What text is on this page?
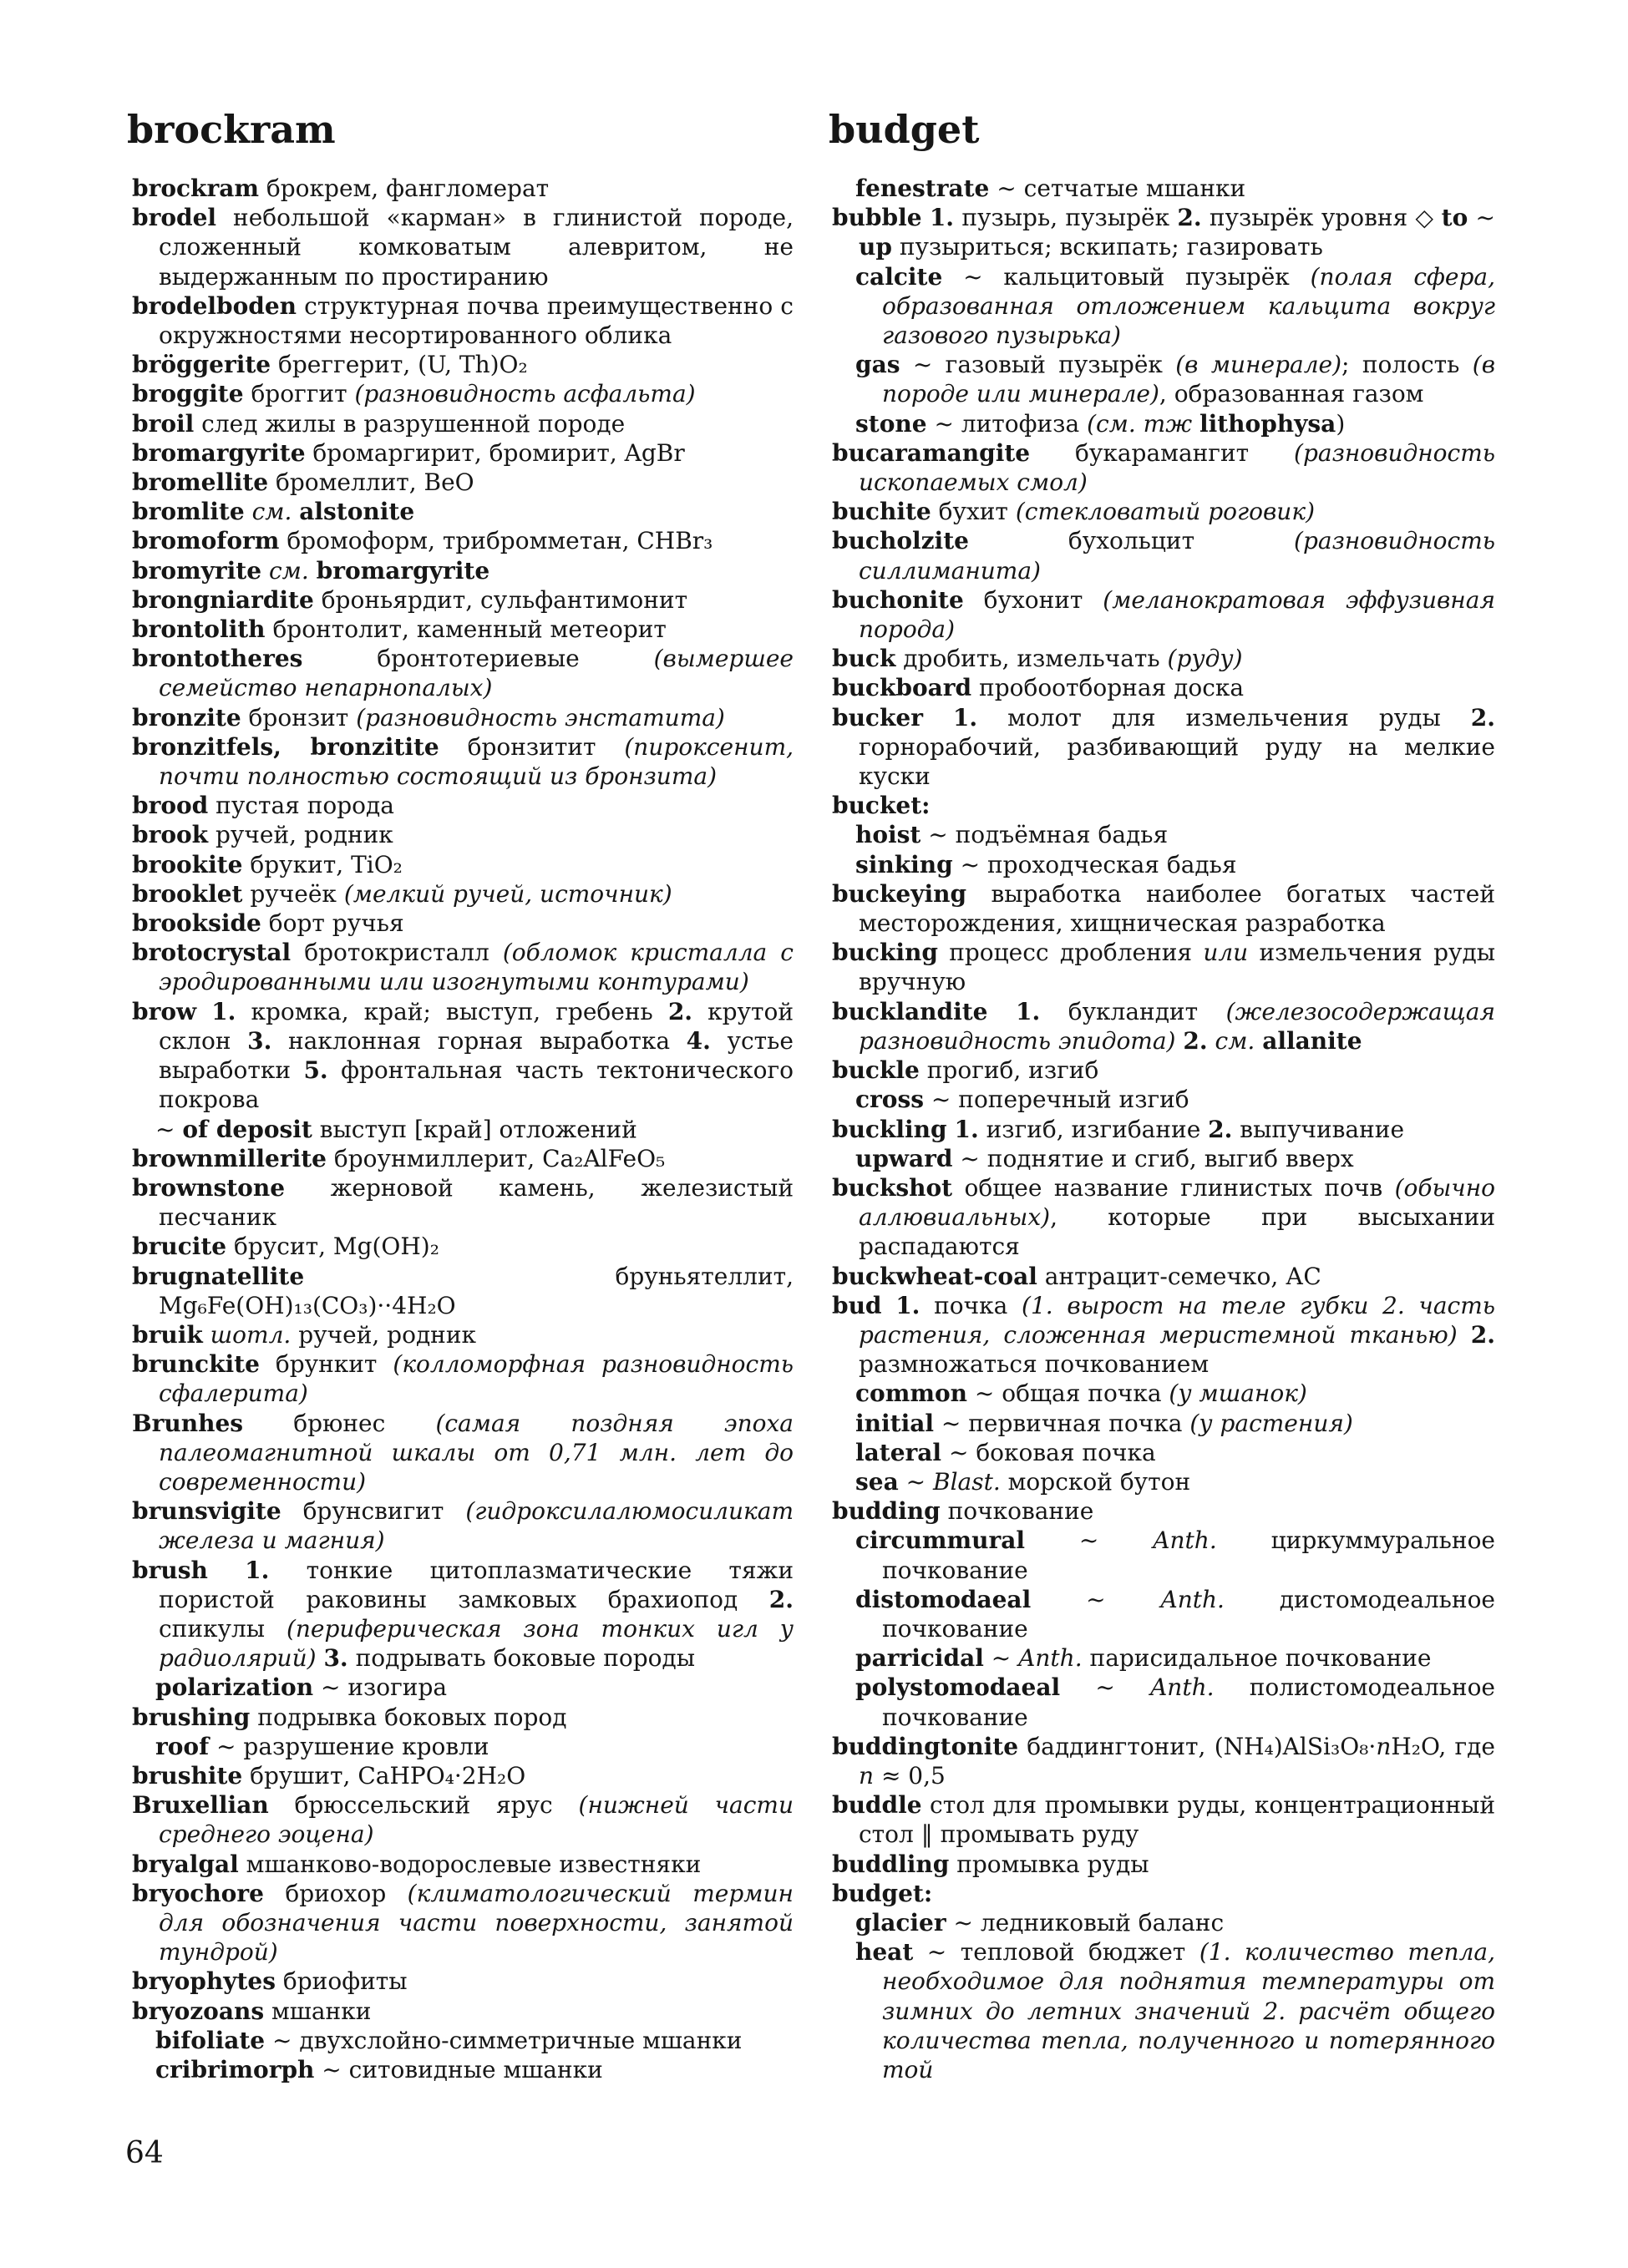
brockram	budget

brockram брокрем, фангломерат

brodel небольшой «карман» в глинистой породе, сложенный комковатым алевритом, не выдержанным по простиранию

brodelboden структурная почва преимущественно с окружностями несортированного облика

bröggerite бреггерит, (U, Th)O₂

broggite броггит (разновидность асфальта)

broil след жилы в разрушенной породе

bromargyrite бромаргирит, бромирит, AgBr

bromellite бромеллит, BeO

bromlite см. alstonite

bromoform бромоформ, трибромметан, CHBr₃

bromyrite см. bromargyrite

brongniardite броньярдит, сульфантимонит

brontolith бронтолит, каменный метеорит

brontotheres бронтотериевые (вымершее семейство непарнопалых)

bronzite бронзит (разновидность энстатита)

bronzitfels, bronzitite бронзитит (пироксенит, почти полностью состоящий из бронзита)

brood пустая порода

brook ручей, родник

brookite брукит, TiO₂

brooklet ручеёк (мелкий ручей, источник)

brookside борт ручья

brotocrystal бротокристалл (обломок кристалла с эродированными или изогнутыми контурами)

brow 1. кромка, край; выступ, гребень 2. крутой склон 3. наклонная горная выработка 4. устье выработки 5. фронтальная часть тектонического покрова

~ of deposit выступ [край] отложений

brownmillerite броунмиллерит, Ca₂AlFeO₅

brownstone жерновой камень, железистый песчаник

brucite брусит, Mg(OH)₂

brugnatellite бруньятеллит, Mg₆Fe(OH)₁₃(CO₃)··4H₂O

bruik шотл. ручей, родник

brunckite брункит (колломорфная разновидность сфалерита)

Brunhes брюнес (самая поздняя эпоха палеомагнитной шкалы от 0,71 млн. лет до современности)

brunsvigite брунсвигит (гидроксилалюмосиликат железа и магния)

brush 1. тонкие цитоплазматические тяжи пористой раковины замковых брахиопод 2. спикулы (периферическая зона тонких игл у радиолярий) 3. подрывать боковые породы

polarization ~ изогира

brushing подрывка боковых пород

roof ~ разрушение кровли

brushite брушит, CaHPO₄·2H₂O

Bruxellian брюссельский ярус (нижней части среднего эоцена)

bryalgal мшанково-водорослевые известняки

bryochore бриохор (климатологический термин для обозначения части поверхности, занятой тундрой)

bryophytes бриофиты

bryozoans мшанки

bifoliate ~ двухслойно-симметричные мшанки

cribrimorph ~ ситовидные мшанки

fenestrate ~ сетчатые мшанки

bubble 1. пузырь, пузырёк 2. пузырёк уровня ◇ to ~ up пузыриться; вскипать; газировать

calcite ~ кальцитовый пузырёк (полая сфера, образованная отложением кальцита вокруг газового пузырька)

gas ~ газовый пузырёк (в минерале); полость (в породе или минерале), образованная газом

stone ~ литофиза (см. тж lithophysa)

bucaramangite букарамангит (разновидность ископаемых смол)

buchite бухит (стекловатый роговик)

bucholzite бухольцит (разновидность силлиманита)

buchonite бухонит (меланократовая эффузивная порода)

buck дробить, измельчать (руду)

buckboard пробоотборная доска

bucker 1. молот для измельчения руды 2. горнорабочий, разбивающий руду на мелкие куски

bucket:

hoist ~ подъёмная бадья

sinking ~ проходческая бадья

buckeying выработка наиболее богатых частей месторождения, хищническая разработка

bucking процесс дробления или измельчения руды вручную

bucklandite 1. букландит (железосодержащая разновидность эпидота) 2. см. allanite

buckle прогиб, изгиб

cross ~ поперечный изгиб

buckling 1. изгиб, изгибание 2. выпучивание

upward ~ поднятие и сгиб, выгиб вверх

buckshot общее название глинистых почв (обычно аллювиальных), которые при высыхании распадаются

buckwheat-coal антрацит-семечко, АС

bud 1. почка (1. вырост на теле губки 2. часть растения, сложенная меристемной тканью) 2. размножаться почкованием

common ~ общая почка (у мшанок)

initial ~ первичная почка (у растения)

lateral ~ боковая почка

sea ~ Blast. морской бутон

budding почкование

circummural ~ Anth. циркуммуральное почкование

distomodaeal ~ Anth. дистомодеальное почкование

parricidal ~ Anth. парисидальное почкование

polystomodaeal ~ Anth. полистомодеальное почкование

buddingtonite баддингтонит, (NH₄)AlSi₃O₈·nH₂O, где n ≈ 0,5

buddle стол для промывки руды, концентрационный стол ‖ промывать руду

buddling промывка руды

budget:

glacier ~ ледниковый баланс

heat ~ тепловой бюджет (1. количество тепла, необходимое для поднятия температуры от зимних до летних значений 2. расчёт общего количества тепла, полученного и потерянного той

64
